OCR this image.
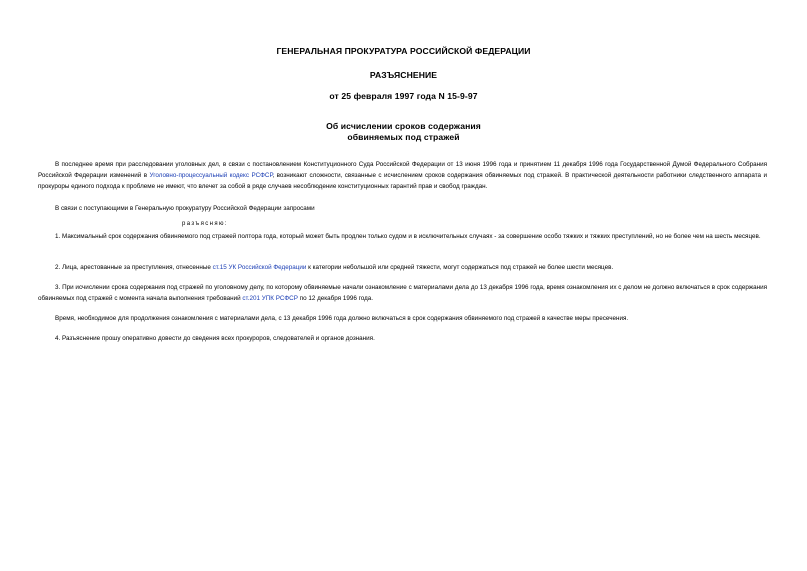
ГЕНЕРАЛЬНАЯ ПРОКУРАТУРА РОССИЙСКОЙ ФЕДЕРАЦИИ
РАЗЪЯСНЕНИЕ
от 25 февраля 1997 года N 15-9-97
Об исчислении сроков содержания
обвиняемых под стражей

В последнее время при расследовании уголовных дел, в связи с постановлением Конституционного Суда Российской Федерации от 13 июня 1996 года и принятием 11 декабря 1996 года Государственной Думой Федерального Собрания Российской Федерации изменений в Уголовно-процессуальный кодекс РСФСР, возникают сложности, связанные с исчислением сроков содержания обвиняемых под стражей. В практической деятельности работники следственного аппарата и прокуроры единого подхода к проблеме не имеют, что влечет за собой в ряде случаев несоблюдение конституционных гарантий прав и свобод граждан.

В связи с поступающими в Генеральную прокуратуру Российской Федерации запросами

разъясняю:

1. Максимальный срок содержания обвиняемого под стражей полтора года, который может быть продлен только судом и в исключительных случаях - за совершение особо тяжких и тяжких преступлений, но не более чем на шесть месяцев.

2. Лица, арестованные за преступления, отнесенные ст.15 УК Российской Федерации к категории небольшой или средней тяжести, могут содержаться под стражей не более шести месяцев.

3. При исчислении срока содержания под стражей по уголовному делу, по которому обвиняемые начали ознакомление с материалами дела до 13 декабря 1996 года, время ознакомления их с делом не должно включаться в срок содержания обвиняемых под стражей с момента начала выполнения требований ст.201 УПК РСФСР по 12 декабря 1996 года.

Время, необходимое для продолжения ознакомления с материалами дела, с 13 декабря 1996 года должно включаться в срок содержания обвиняемого под стражей в качестве меры пресечения.

4. Разъяснение прошу оперативно довести до сведения всех прокуроров, следователей и органов дознания.
